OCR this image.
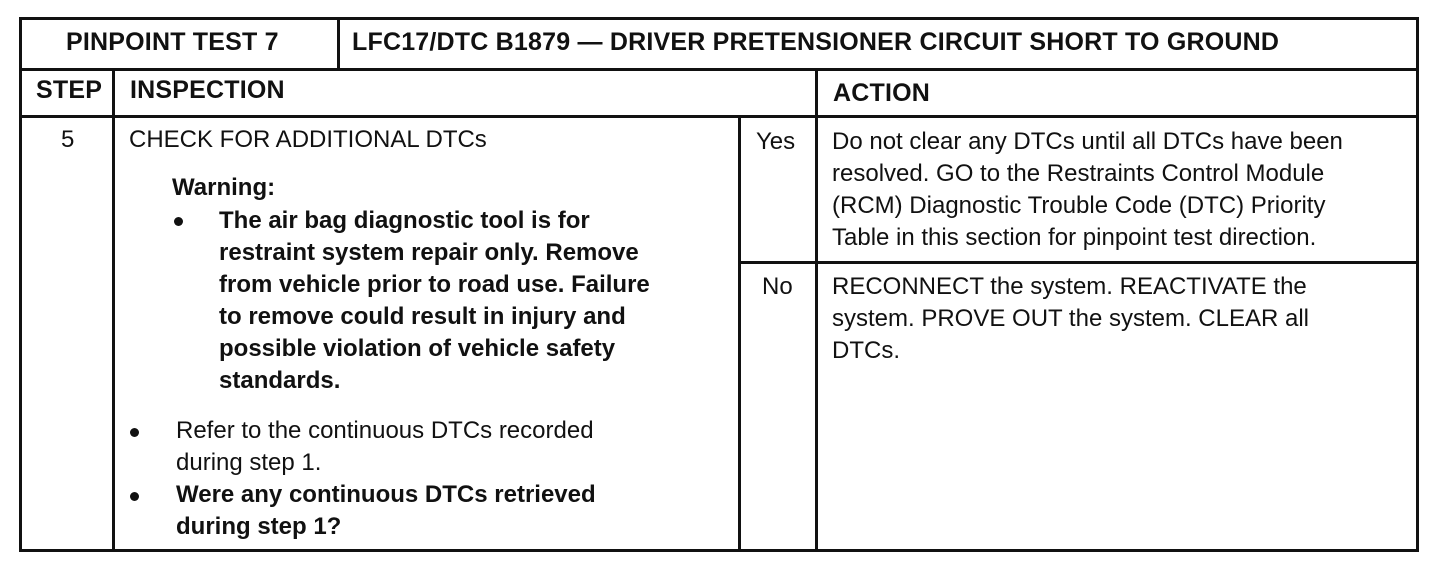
PINPOINT TEST 7	LFC17/DTC B1879 — DRIVER PRETENSIONER CIRCUIT SHORT TO GROUND
STEP INSPECTION	ACTION
5 CHECK FOR ADDITIONAL DTCs
Warning:
The air bag diagnostic tool is for
restraint system repair only. Remove
from vehicle prior to road use. Failure
to remove could result in injury and
possible violation of vehicle safety
standards.
Refer to the continuous DTCs recorded
during step 1.
Were any continuous DTCs retrieved
during step 1?
Yes Do not clear any DTCs until all DTCs have been
resolved. GO to the Restraints Control Module
(RCM) Diagnostic Trouble Code (DTC) Priority
Table in this section for pinpoint test direction.
No RECONNECT the system. REACTIVATE the
system. PROVE OUT the system. CLEAR all
DTCs.
